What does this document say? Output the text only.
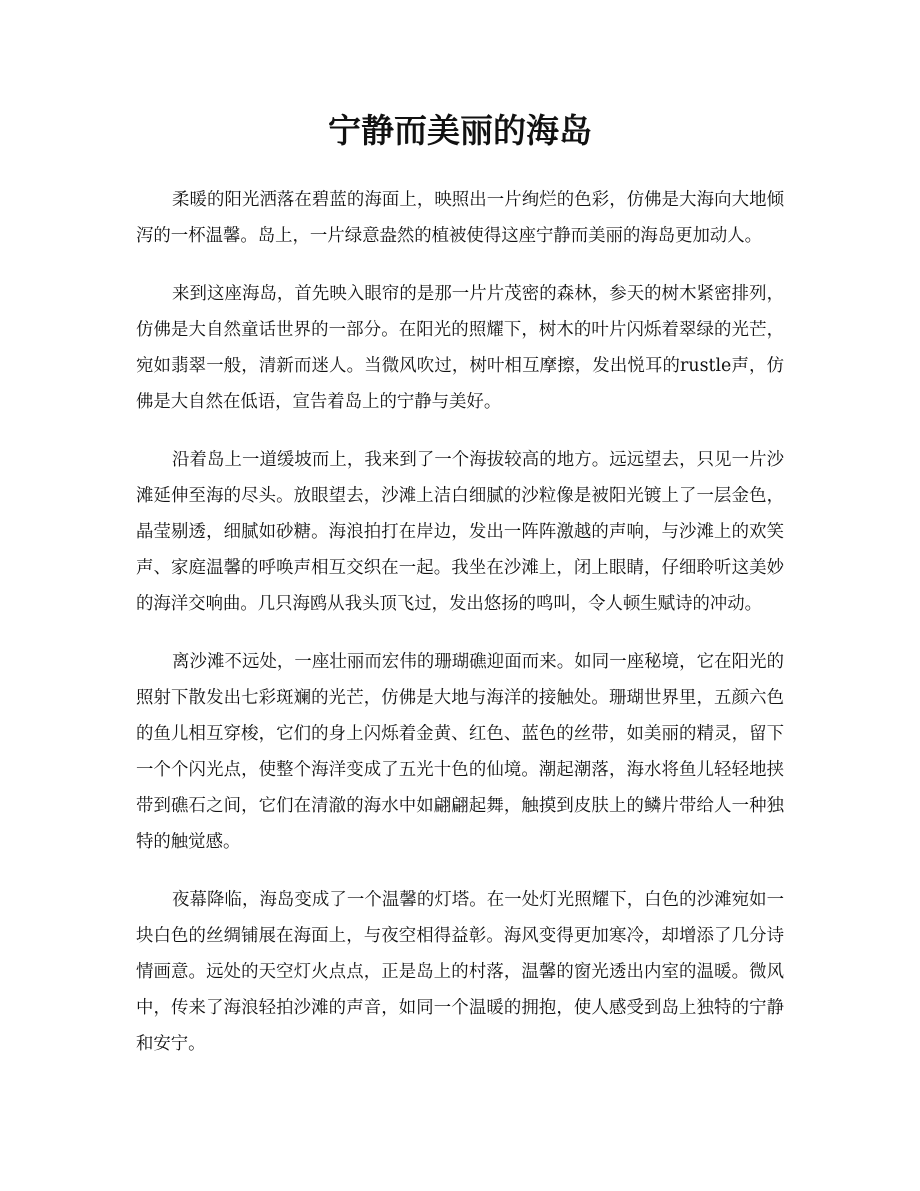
宁静而美丽的海岛

柔暖的阳光洒落在碧蓝的海面上，映照出一片绚烂的色彩，仿佛是大海向大地倾泻的一杯温馨。岛上，一片绿意盎然的植被使得这座宁静而美丽的海岛更加动人。

来到这座海岛，首先映入眼帘的是那一片片茂密的森林，参天的树木紧密排列，仿佛是大自然童话世界的一部分。在阳光的照耀下，树木的叶片闪烁着翠绿的光芒，宛如翡翠一般，清新而迷人。当微风吹过，树叶相互摩擦，发出悦耳的rustle声，仿佛是大自然在低语，宣告着岛上的宁静与美好。

沿着岛上一道缓坡而上，我来到了一个海拔较高的地方。远远望去，只见一片沙滩延伸至海的尽头。放眼望去，沙滩上洁白细腻的沙粒像是被阳光镀上了一层金色，晶莹剔透，细腻如砂糖。海浪拍打在岸边，发出一阵阵激越的声响，与沙滩上的欢笑声、家庭温馨的呼唤声相互交织在一起。我坐在沙滩上，闭上眼睛，仔细聆听这美妙的海洋交响曲。几只海鸥从我头顶飞过，发出悠扬的鸣叫，令人顿生赋诗的冲动。

离沙滩不远处，一座壮丽而宏伟的珊瑚礁迎面而来。如同一座秘境，它在阳光的照射下散发出七彩斑斓的光芒，仿佛是大地与海洋的接触处。珊瑚世界里，五颜六色的鱼儿相互穿梭，它们的身上闪烁着金黄、红色、蓝色的丝带，如美丽的精灵，留下一个个闪光点，使整个海洋变成了五光十色的仙境。潮起潮落，海水将鱼儿轻轻地挟带到礁石之间，它们在清澈的海水中如翩翩起舞，触摸到皮肤上的鳞片带给人一种独特的触觉感。

夜幕降临，海岛变成了一个温馨的灯塔。在一处灯光照耀下，白色的沙滩宛如一块白色的丝绸铺展在海面上，与夜空相得益彰。海风变得更加寒冷，却增添了几分诗情画意。远处的天空灯火点点，正是岛上的村落，温馨的窗光透出内室的温暖。微风中，传来了海浪轻拍沙滩的声音，如同一个温暖的拥抱，使人感受到岛上独特的宁静和安宁。
